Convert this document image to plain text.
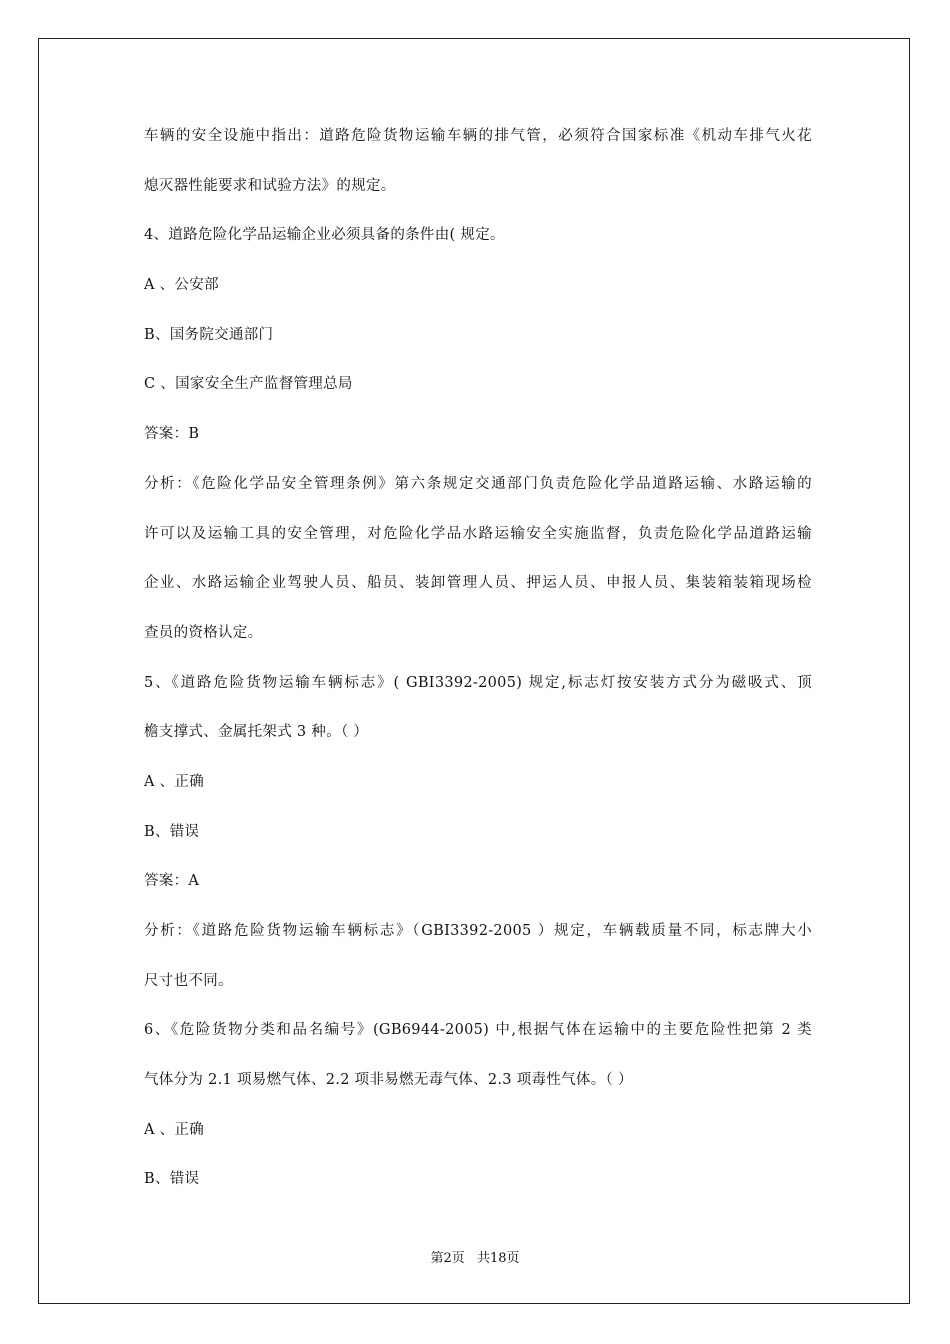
车辆的安全设施中指出：道路危险货物运输车辆的排气管，必须符合国家标准《机动车排气火花
熄灭器性能要求和试验方法》的规定。
4、道路危险化学品运输企业必须具备的条件由( 规定。
A 、公安部
B、国务院交通部门
C 、国家安全生产监督管理总局
答案：B
分析：《危险化学品安全管理条例》第六条规定交通部门负责危险化学品道路运输、水路运输的
许可以及运输工具的安全管理，对危险化学品水路运输安全实施监督，负责危险化学品道路运输
企业、水路运输企业驾驶人员、船员、装卸管理人员、押运人员、申报人员、集装箱装箱现场检
查员的资格认定。
5、《道路危险货物运输车辆标志》( GBI3392-2005) 规定,标志灯按安装方式分为磁吸式、顶
檐支撑式、金属托架式 3 种。（ ）
A 、正确
B、错误
答案：A
分析：《道路危险货物运输车辆标志》（GBI3392-2005 ）规定，车辆载质量不同，标志牌大小
尺寸也不同。
6、《危险货物分类和品名编号》(GB6944-2005) 中,根据气体在运输中的主要危险性把第 2 类
气体分为 2.1 项易燃气体、2.2 项非易燃无毒气体、2.3 项毒性气体。（ ）
A 、正确
B、错误
第2页 共18页
